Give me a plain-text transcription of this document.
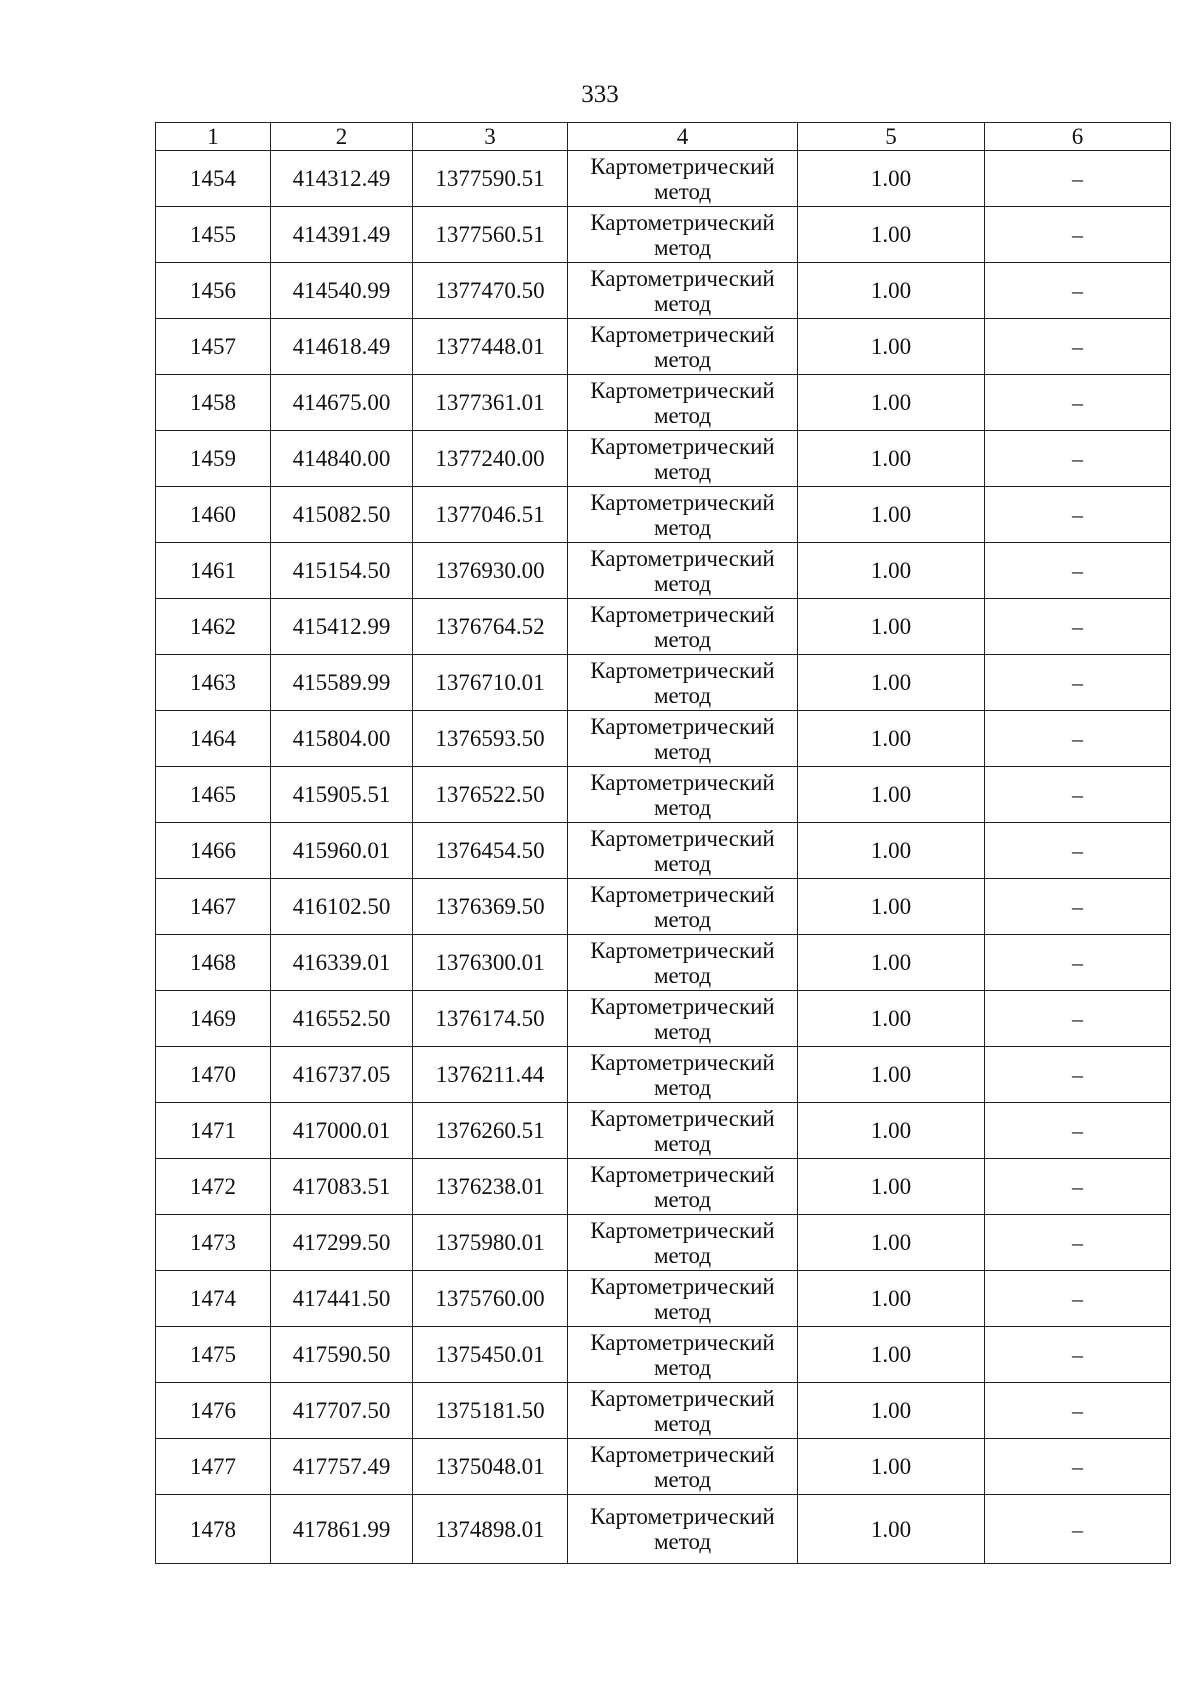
333
1	2	3	4	5	6
1454	414312.49	1377590.51	Картометрический метод	1.00	–
1455	414391.49	1377560.51	Картометрический метод	1.00	–
1456	414540.99	1377470.50	Картометрический метод	1.00	–
1457	414618.49	1377448.01	Картометрический метод	1.00	–
1458	414675.00	1377361.01	Картометрический метод	1.00	–
1459	414840.00	1377240.00	Картометрический метод	1.00	–
1460	415082.50	1377046.51	Картометрический метод	1.00	–
1461	415154.50	1376930.00	Картометрический метод	1.00	–
1462	415412.99	1376764.52	Картометрический метод	1.00	–
1463	415589.99	1376710.01	Картометрический метод	1.00	–
1464	415804.00	1376593.50	Картометрический метод	1.00	–
1465	415905.51	1376522.50	Картометрический метод	1.00	–
1466	415960.01	1376454.50	Картометрический метод	1.00	–
1467	416102.50	1376369.50	Картометрический метод	1.00	–
1468	416339.01	1376300.01	Картометрический метод	1.00	–
1469	416552.50	1376174.50	Картометрический метод	1.00	–
1470	416737.05	1376211.44	Картометрический метод	1.00	–
1471	417000.01	1376260.51	Картометрический метод	1.00	–
1472	417083.51	1376238.01	Картометрический метод	1.00	–
1473	417299.50	1375980.01	Картометрический метод	1.00	–
1474	417441.50	1375760.00	Картометрический метод	1.00	–
1475	417590.50	1375450.01	Картометрический метод	1.00	–
1476	417707.50	1375181.50	Картометрический метод	1.00	–
1477	417757.49	1375048.01	Картометрический метод	1.00	–
1478	417861.99	1374898.01	Картометрический метод	1.00	–
